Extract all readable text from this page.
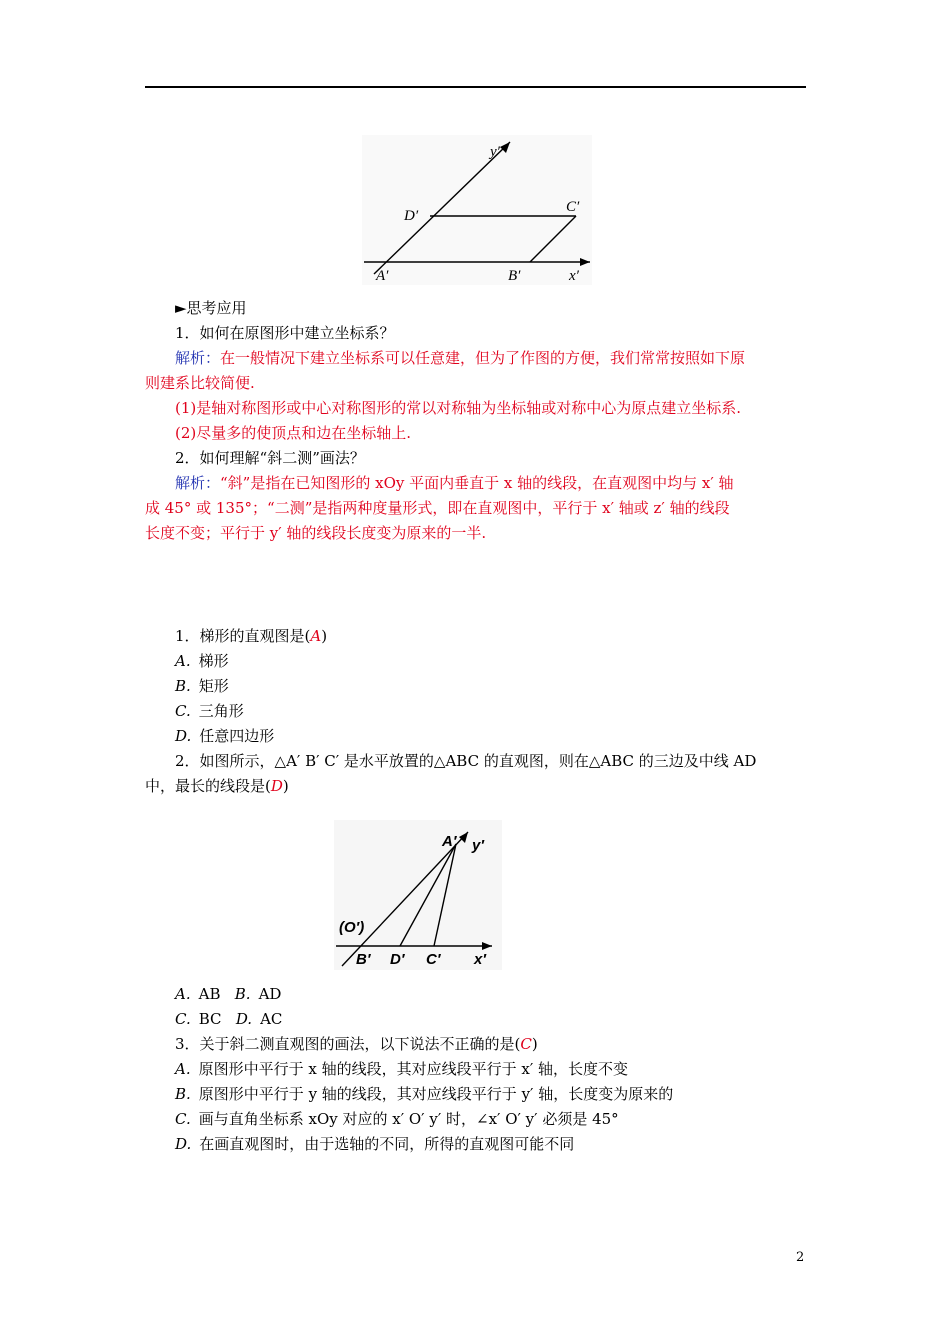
y′
D′
C′
A′	B′	x′
►思考应用
1．如何在原图形中建立坐标系？
解析：在一般情况下建立坐标系可以任意建，但为了作图的方便，我们常常按照如下原
则建系比较简便.
(1)是轴对称图形或中心对称图形的常以对称轴为坐标轴或对称中心为原点建立坐标系.
(2)尽量多的使顶点和边在坐标轴上.
2．如何理解“斜二测”画法？
解析：“斜”是指在已知图形的 xOy 平面内垂直于 x 轴的线段，在直观图中均与 x′ 轴
成 45° 或 135°；“二测”是指两种度量形式，即在直观图中，平行于 x′ 轴或 z′ 轴的线段
长度不变；平行于 y′ 轴的线段长度变为原来的一半.
1．梯形的直观图是(A)
A. 梯形
B. 矩形
C. 三角形
D. 任意四边形
2．如图所示，△A′ B′ C′ 是水平放置的△ABC 的直观图，则在△ABC 的三边及中线 AD
中，最长的线段是(D)
A′ y′
(O′)
B′ D′ C′ x′
A. AB B. AD
C. BC D. AC
3．关于斜二测直观图的画法，以下说法不正确的是(C)
A. 原图形中平行于 x 轴的线段，其对应线段平行于 x′ 轴，长度不变
B. 原图形中平行于 y 轴的线段，其对应线段平行于 y′ 轴，长度变为原来的
C. 画与直角坐标系 xOy 对应的 x′ O′ y′ 时，∠x′ O′ y′ 必须是 45°
D. 在画直观图时，由于选轴的不同，所得的直观图可能不同
2
